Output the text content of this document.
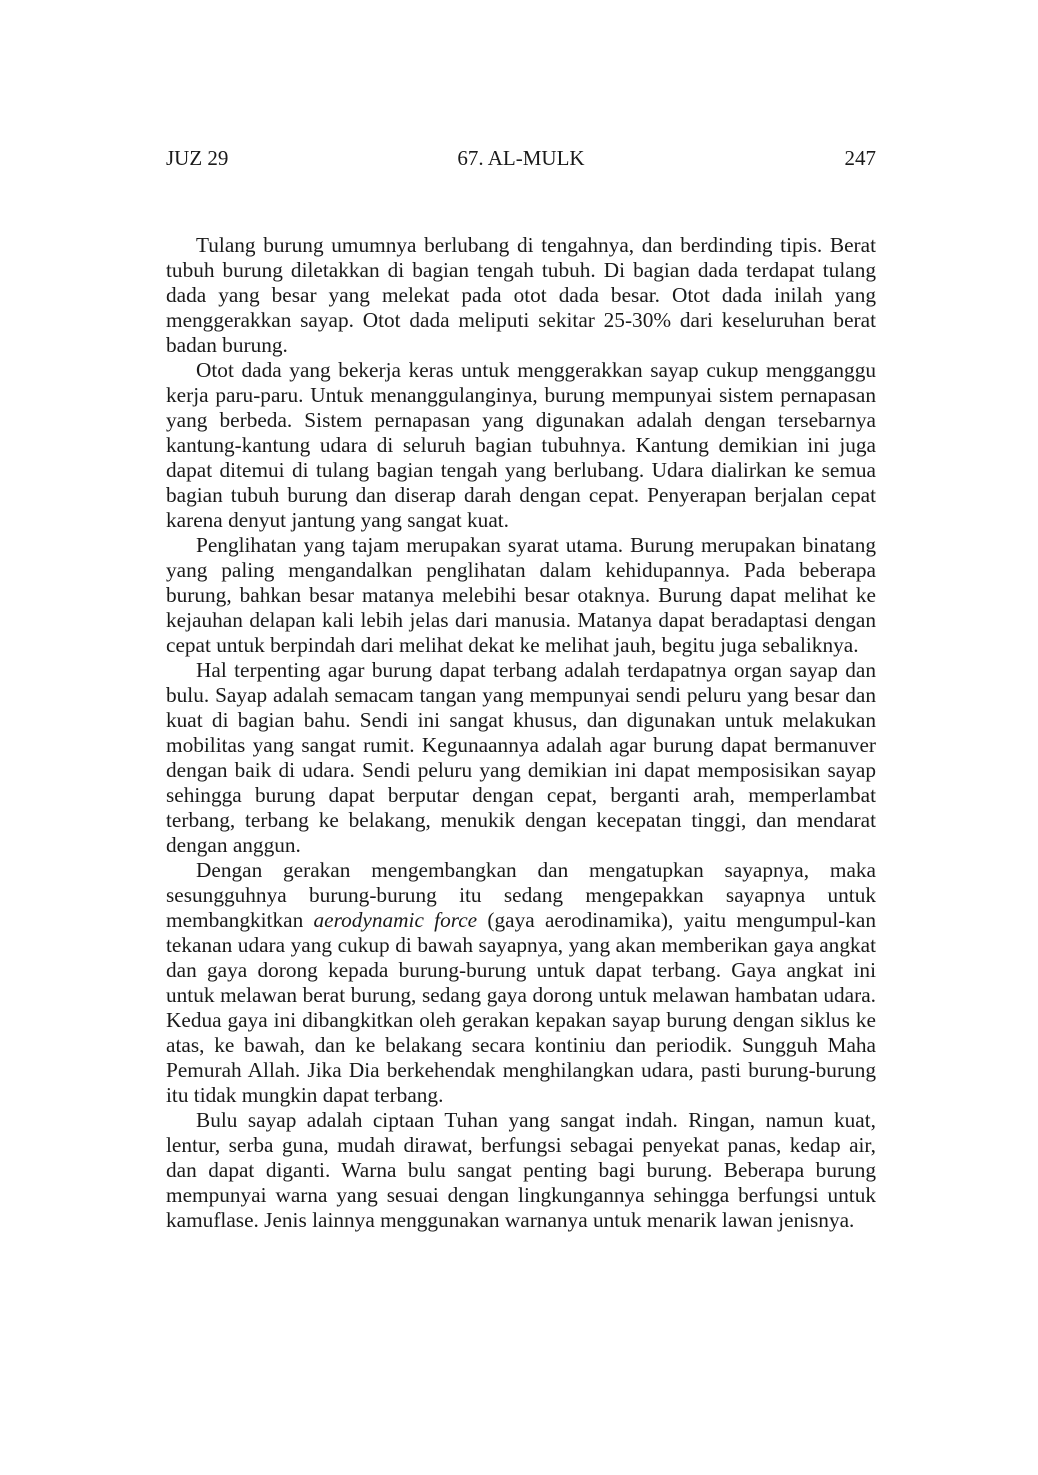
JUZ 29	67. AL-MULK	247

Tulang burung umumnya berlubang di tengahnya, dan berdinding tipis. Berat tubuh burung diletakkan di bagian tengah tubuh. Di bagian dada terdapat tulang dada yang besar yang melekat pada otot dada besar. Otot dada inilah yang menggerakkan sayap. Otot dada meliputi sekitar 25-30% dari keseluruhan berat badan burung.

Otot dada yang bekerja keras untuk menggerakkan sayap cukup mengganggu kerja paru-paru. Untuk menanggulanginya, burung mempunyai sistem pernapasan yang berbeda. Sistem pernapasan yang digunakan adalah dengan tersebarnya kantung-kantung udara di seluruh bagian tubuhnya. Kantung demikian ini juga dapat ditemui di tulang bagian tengah yang berlubang. Udara dialirkan ke semua bagian tubuh burung dan diserap darah dengan cepat. Penyerapan berjalan cepat karena denyut jantung yang sangat kuat.

Penglihatan yang tajam merupakan syarat utama. Burung merupakan binatang yang paling mengandalkan penglihatan dalam kehidupannya. Pada beberapa burung, bahkan besar matanya melebihi besar otaknya. Burung dapat melihat ke kejauhan delapan kali lebih jelas dari manusia. Matanya dapat beradaptasi dengan cepat untuk berpindah dari melihat dekat ke melihat jauh, begitu juga sebaliknya.

Hal terpenting agar burung dapat terbang adalah terdapatnya organ sayap dan bulu. Sayap adalah semacam tangan yang mempunyai sendi peluru yang besar dan kuat di bagian bahu. Sendi ini sangat khusus, dan digunakan untuk melakukan mobilitas yang sangat rumit. Kegunaannya adalah agar burung dapat bermanuver dengan baik di udara. Sendi peluru yang demikian ini dapat memposisikan sayap sehingga burung dapat berputar dengan cepat, berganti arah, memperlambat terbang, terbang ke belakang, menukik dengan kecepatan tinggi, dan mendarat dengan anggun.

Dengan gerakan mengembangkan dan mengatupkan sayapnya, maka sesungguhnya burung-burung itu sedang mengepakkan sayapnya untuk membangkitkan aerodynamic force (gaya aerodinamika), yaitu mengumpul-kan tekanan udara yang cukup di bawah sayapnya, yang akan memberikan gaya angkat dan gaya dorong kepada burung-burung untuk dapat terbang. Gaya angkat ini untuk melawan berat burung, sedang gaya dorong untuk melawan hambatan udara. Kedua gaya ini dibangkitkan oleh gerakan kepakan sayap burung dengan siklus ke atas, ke bawah, dan ke belakang secara kontiniu dan periodik. Sungguh Maha Pemurah Allah. Jika Dia berkehendak menghilangkan udara, pasti burung-burung itu tidak mungkin dapat terbang.

Bulu sayap adalah ciptaan Tuhan yang sangat indah. Ringan, namun kuat, lentur, serba guna, mudah dirawat, berfungsi sebagai penyekat panas, kedap air, dan dapat diganti. Warna bulu sangat penting bagi burung. Beberapa burung mempunyai warna yang sesuai dengan lingkungannya sehingga berfungsi untuk kamuflase. Jenis lainnya menggunakan warnanya untuk menarik lawan jenisnya.
